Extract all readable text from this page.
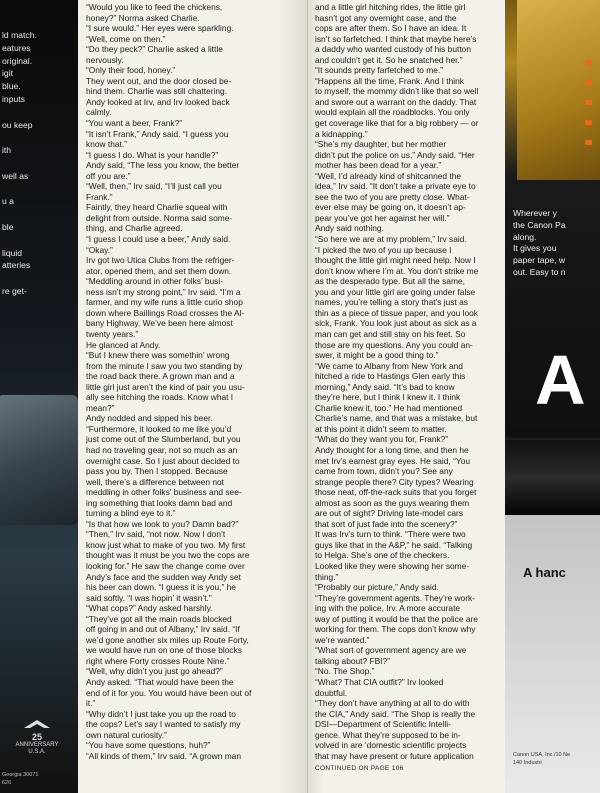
ld match.
eatures
original.
igit
blue.
inputs
ou keep
ith
well as
u a
ble
liquid
atteries
re get-
25
ANNIVERSARY
U.S.A.
Georgia 30071
626
“Would you like to feed the chickens,
honey?” Norma asked Charlie.
“I sure would.” Her eyes were sparkling.
“Well, come on then.”
“Do they peck?” Charlie asked a little
nervously.
“Only their food, honey.”
They went out, and the door closed be-
hind them. Charlie was still chattering.
Andy looked at Irv, and Irv looked back
calmly.
“You want a beer, Frank?”
“It isn’t Frank,” Andy said. “I guess you
know that.”
“I guess I do. What is your handle?”
Andy said, “The less you know, the better
off you are.”
“Well, then,” Irv said, “I’ll just call you
Frank.”
Faintly, they heard Charlie squeal with
delight from outside. Norma said some-
thing, and Charlie agreed.
“I guess I could use a beer,” Andy said.
“Okay.”
Irv got two Utica Clubs from the refriger-
ator, opened them, and set them down.
“Meddling around in other folks’ busi-
ness isn’t my strong point,” Irv said. “I’m a
farmer, and my wife runs a little curio shop
down where Baillings Road crosses the Al-
bany Highway. We’ve been here almost
twenty years.”
He glanced at Andy.
“But I knew there was somethin’ wrong
from the minute I saw you two standing by
the road back there. A grown man and a
little girl just aren’t the kind of pair you usu-
ally see hitching the roads. Know what I
mean?”
Andy nodded and sipped his beer.
“Furthermore, it looked to me like you’d
just come out of the Slumberland, but you
had no traveling gear, not so much as an
overnight case. So I just about decided to
pass you by. Then I stopped. Because
well, there’s a difference between not
meddling in other folks’ business and see-
ing something that looks damn bad and
turning a blind eye to it.”
“Is that how we look to you? Damn bad?”
“Then,” Irv said, “not now. Now I don’t
know just what to make of you two. My first
thought was it must be you two the cops are
looking for.” He saw the change come over
Andy’s face and the sudden way Andy set
his beer can down. “I guess it is you,” he
said softly. “I was hopin’ it wasn’t.”
“What cops?” Andy asked harshly.
“They’ve got all the main roads blocked
off going in and out of Albany,” Irv said. “If
we’d gone another six miles up Route Forty,
we would have run on one of those blocks
right where Forty crosses Route Nine.”
“Well, why didn’t you just go ahead?”
Andy asked. “That would have been the
end of it for you. You would have been out of
it.”
“Why didn’t I just take you up the road to
the cops? Let’s say I wanted to satisfy my
own natural curiosity.”
“You have some questions, huh?”
“All kinds of them,” Irv said. “A grown man
and a little girl hitching rides, the little girl
hasn’t got any overnight case, and the
cops are after them. So I have an idea. It
isn’t so farfetched. I think that maybe here’s
a daddy who wanted custody of his button
and couldn’t get it. So he snatched her.”
“It sounds pretty farfetched to me.”
“Happens all the time, Frank. And I think
to myself, the mommy didn’t like that so well
and swore out a warrant on the daddy. That
would explain all the roadblocks. You only
get coverage like that for a big robbery — or
a kidnapping.”
“She’s my daughter, but her mother
didn’t put the police on us,” Andy said. “Her
mother has been dead for a year.”
“Well, I’d already kind of shitcanned the
idea,” Irv said. “It don’t take a private eye to
see the two of you are pretty close. What-
ever else may be going on, it doesn’t ap-
pear you’ve got her against her will.”
Andy said nothing.
“So here we are at my problem,” Irv said.
“I picked the two of you up because I
thought the little girl might need help. Now I
don’t know where I’m at. You don’t strike me
as the desperado type. But all the same,
you and your little girl are going under false
names, you’re telling a story that’s just as
thin as a piece of tissue paper, and you look
sick, Frank. You look just about as sick as a
man can get and still stay on his feet. So
those are my questions. Any you could an-
swer, it might be a good thing to.”
“We came to Albany from New York and
hitched a ride to Hastings Glen early this
morning,” Andy said. “It’s bad to know
they’re here, but I think I knew it. I think
Charlie knew it, too.” He had mentioned
Charlie’s name, and that was a mistake, but
at this point it didn’t seem to matter.
“What do they want you for, Frank?”
Andy thought for a long time, and then he
met Irv’s earnest gray eyes. He said, “You
came from town, didn’t you? See any
strange people there? City types? Wearing
those neat, off-the-rack suits that you forget
almost as soon as the guys wearing them
are out of sight? Driving late-model cars
that sort of just fade into the scenery?”
It was Irv’s turn to think. “There were two
guys like that in the A&P,” he said. “Talking
to Helga. She’s one of the checkers.
Looked like they were showing her some-
thing.”
“Probably our picture,” Andy said.
“They’re government agents. They’re work-
ing with the police, Irv. A more accurate
way of putting it would be that the police are
working for them. The cops don’t know why
we’re wanted.”
“What sort of government agency are we
talking about? FBI?”
“No. The Shop.”
“What? That CIA outfit?” Irv looked
doubtful.
“They don’t have anything at all to do with
the CIA,” Andy said. “The Shop is really the
DSI—Department of Scientific Intelli-
gence. What they’re supposed to be in-
volved in are ‘domestic scientific projects
that may have present or future application
CONTINUED ON PAGE 106
Wherever y
the Canon Pa
along.
It gives you
paper tape, w
out. Easy to n
A
A hanc
Canon USA, Inc./10 Ne
140 Industri
